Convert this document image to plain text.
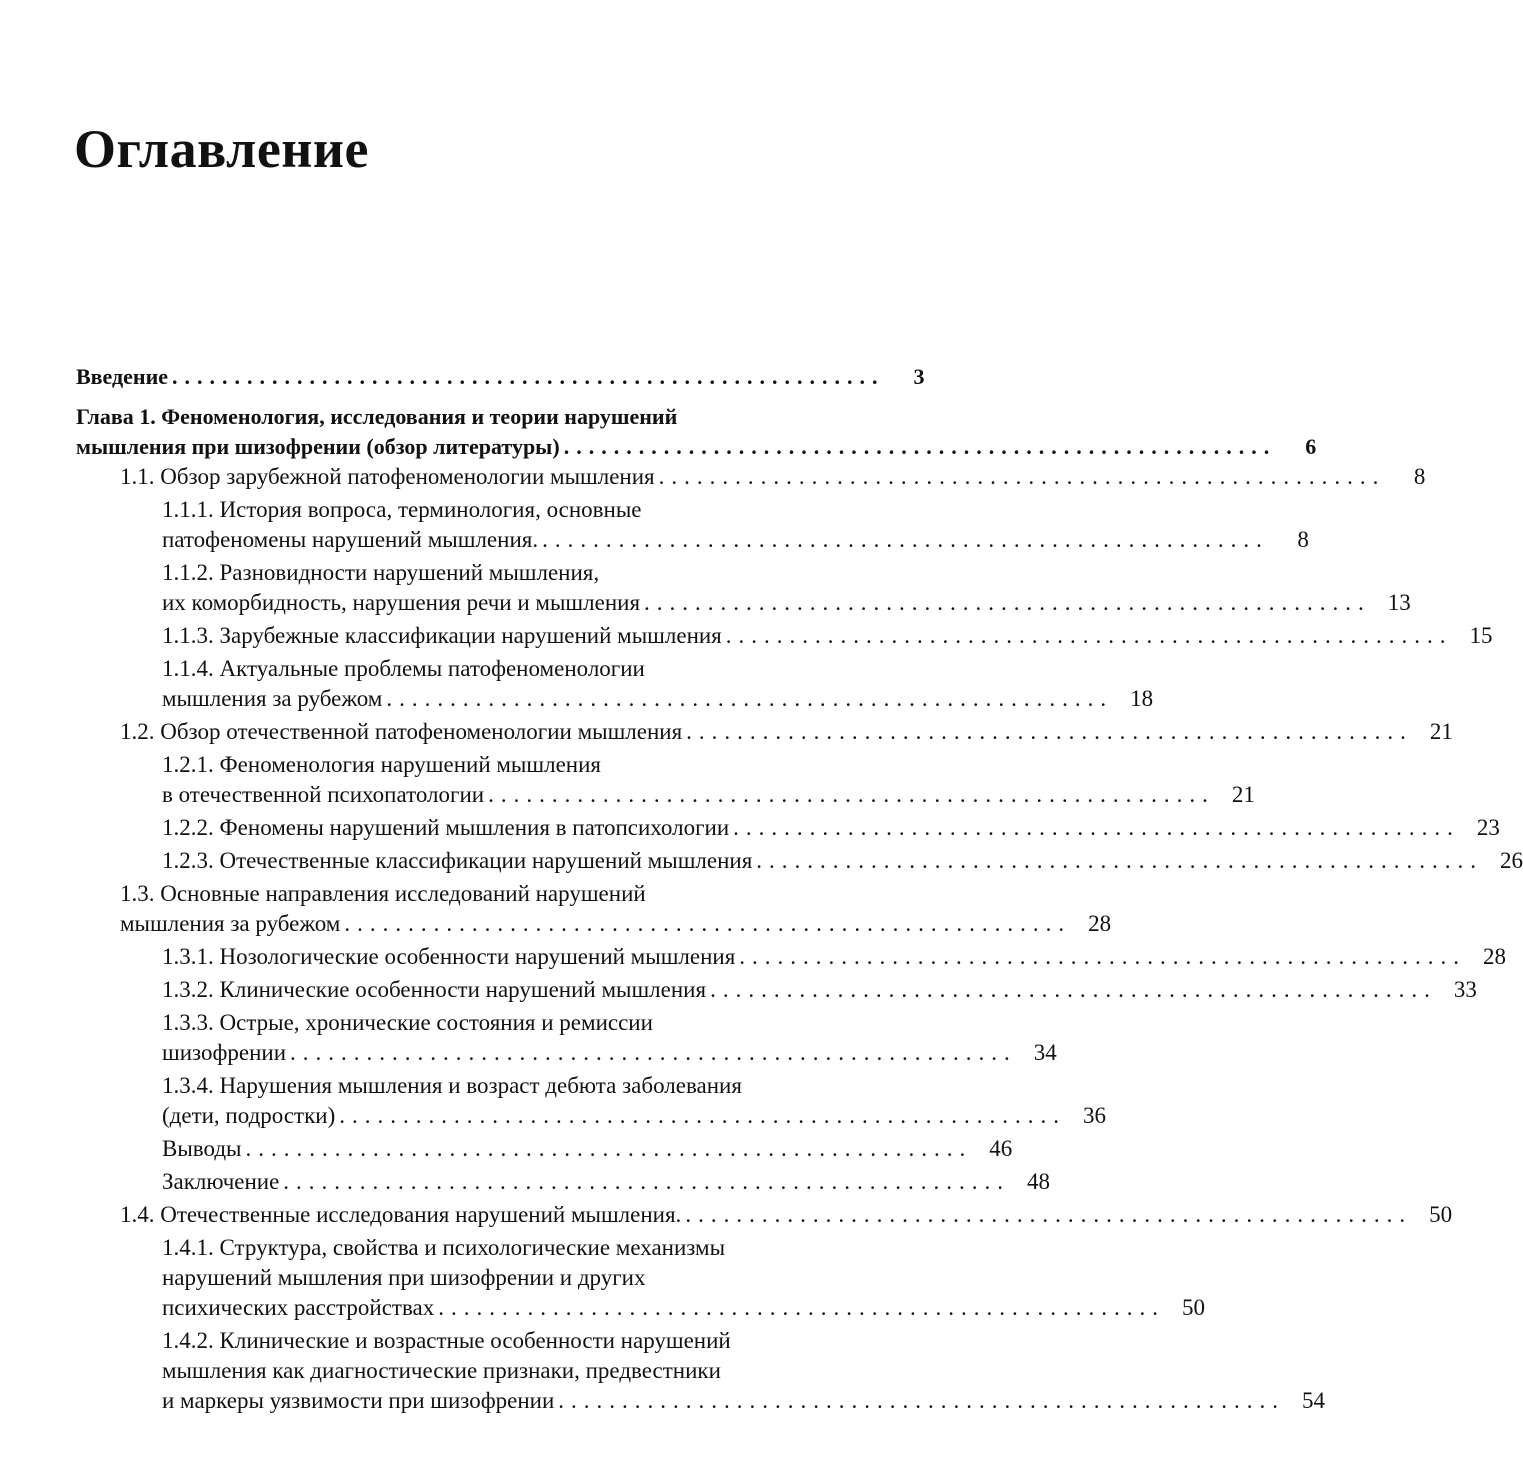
Оглавление
Введение .........................................................	3
Глава 1. Феноменология, исследования и теории нарушений
мышления при шизофрении (обзор литературы) .........................................................	6
1.1. Обзор зарубежной патофеноменологии мышления .........................................................	8
1.1.1. История вопроса, терминология, основные
патофеномены нарушений мышления. .........................................................	8
1.1.2. Разновидности нарушений мышления,
их коморбидность, нарушения речи и мышления ......................................................... 13
1.1.3. Зарубежные классификации нарушений мышления ......................................................... 15
1.1.4. Актуальные проблемы патофеноменологии
мышления за рубежом ......................................................... 18
1.2. Обзор отечественной патофеноменологии мышления ......................................................... 21
1.2.1. Феноменология нарушений мышления
в отечественной психопатологии ......................................................... 21
1.2.2. Феномены нарушений мышления в патопсихологии ......................................................... 23
1.2.3. Отечественные классификации нарушений мышления ......................................................... 26
1.3. Основные направления исследований нарушений
мышления за рубежом ......................................................... 28
1.3.1. Нозологические особенности нарушений мышления ......................................................... 28
1.3.2. Клинические особенности нарушений мышления ......................................................... 33
1.3.3. Острые, хронические состояния и ремиссии
шизофрении ......................................................... 34
1.3.4. Нарушения мышления и возраст дебюта заболевания
(дети, подростки) ......................................................... 36
Выводы ......................................................... 46
Заключение ......................................................... 48
1.4. Отечественные исследования нарушений мышления. ......................................................... 50
1.4.1. Структура, свойства и психологические механизмы
нарушений мышления при шизофрении и других
психических расстройствах ......................................................... 50
1.4.2. Клинические и возрастные особенности нарушений
мышления как диагностические признаки, предвестники
и маркеры уязвимости при шизофрении ......................................................... 54
